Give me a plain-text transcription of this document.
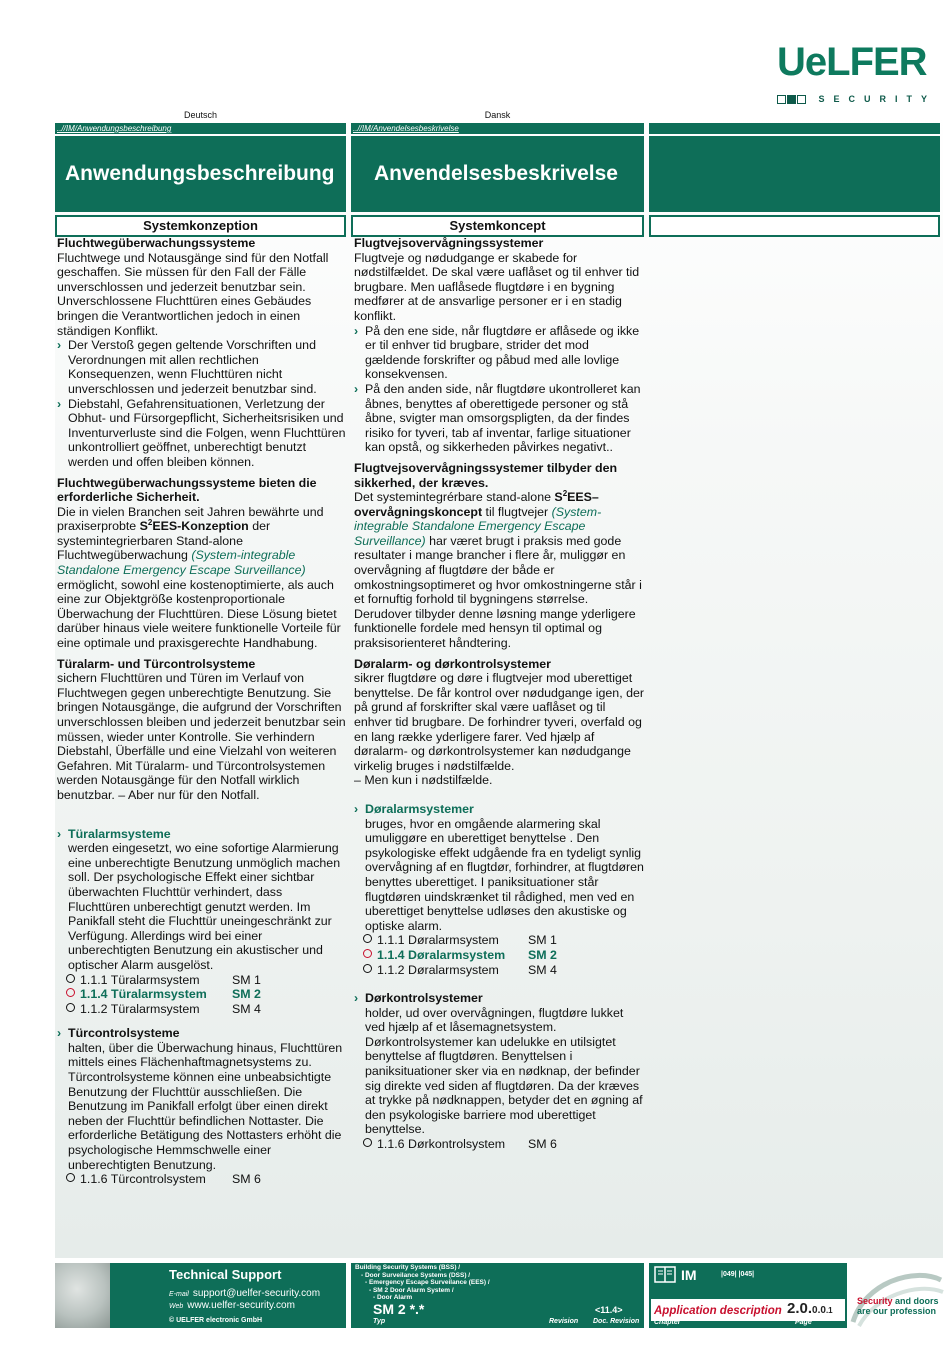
UeLFER
SECURITY
Deutsch	Dansk
..//IM/Anwendungsbeschreibung	..//IM/Anvendelsesbeskrivelse
Anwendungsbeschreibung	Anvendelsesbeskrivelse
Systemkonzeption	Systemkoncept

Fluchtwegüberwachungssysteme

Fluchtwege und Notausgänge sind für den Notfall geschaffen. Sie müssen für den Fall der Fälle unverschlossen und jederzeit benutzbar sein. Unverschlossene Fluchttüren eines Gebäudes bringen die Verantwortlichen jedoch in einen ständigen Konflikt.

› Der Verstoß gegen geltende Vorschriften und Verordnungen mit allen rechtlichen Konsequenzen, wenn Fluchttüren nicht unverschlossen und jederzeit benutzbar sind.

› Diebstahl, Gefahrensituationen, Verletzung der Obhut- und Fürsorgepflicht, Sicherheitsrisiken und Inventurverluste sind die Folgen, wenn Fluchttüren unkontrolliert geöffnet, unberechtigt benutzt werden und offen bleiben können.

Fluchtwegüberwachungssysteme bieten die erforderliche Sicherheit.

Die in vielen Branchen seit Jahren bewährte und praxiserprobte $S^2EES$-Konzeption der systemintegrierbaren Stand-alone Fluchtwegüberwachung (System-integrable Standalone Emergency Escape Surveillance) ermöglicht, sowohl eine kostenoptimierte, als auch eine zur Objektgröße kostenproportionale Überwachung der Fluchttüren. Diese Lösung bietet darüber hinaus viele weitere funktionelle Vorteile für eine optimale und praxisgerechte Handhabung.

Türalarm- und Türcontrolsysteme

sichern Fluchttüren und Türen im Verlauf von Fluchtwegen gegen unberechtigte Benutzung. Sie bringen Notausgänge, die aufgrund der Vorschriften unverschlossen bleiben und jederzeit benutzbar sein müssen, wieder unter Kontrolle. Sie verhindern Diebstahl, Überfälle und eine Vielzahl von weiteren Gefahren. Mit Türalarm- und Türcontrolsystemen werden Notausgänge für den Notfall wirklich benutzbar. – Aber nur für den Notfall.

› Türalarmsysteme

werden eingesetzt, wo eine sofortige Alarmierung eine unberechtigte Benutzung unmöglich machen soll. Der psychologische Effekt einer sichtbar überwachten Fluchttür verhindert, dass Fluchttüren unberechtigt genutzt werden. Im Panikfall steht die Fluchttür uneingeschränkt zur Verfügung. Allerdings wird bei einer unberechtigten Benutzung ein akustischer und optischer Alarm ausgelöst.

1.1.1 Türalarmsystem	SM 1

1.1.4 Türalarmsystem SM 2

1.1.2 Türalarmsystem	SM 4

› Türcontrolsysteme

halten, über die Überwachung hinaus, Fluchttüren mittels eines Flächenhaftmagnetsystems zu. Türcontrolsysteme können eine unbeabsichtigte Benutzung der Fluchttür ausschließen. Die Benutzung im Panikfall erfolgt über einen direkt neben der Fluchttür befindlichen Nottaster. Die erforderliche Betätigung des Nottasters erhöht die psychologische Hemmschwelle einer unberechtigten Benutzung.

1.1.6 Türcontrolsystem SM 6

Flugtvejsovervågningssystemer

Flugtveje og nødudgange er skabede for nødstilfældet. De skal være uaflåset og til enhver tid brugbare. Men uaflåsede flugtdøre i en bygning medfører at de ansvarlige personer er i en stadig konflikt.

› På den ene side, når flugtdøre er aflåsede og ikke er til enhver tid brugbare, strider det mod gældende forskrifter og påbud med alle lovlige konsekvensen.

› På den anden side, når flugtdøre ukontrolleret kan åbnes, benyttes af oberettigede personer og stå åbne, svigter man omsorgspligten, da der findes risiko for tyveri, tab af inventar, farlige situationer kan opstå, og sikkerheden påvirkes negativt..

Flugtvejsovervågningssystemer tilbyder den sikkerhed, der kræves.

Det systemintegrérbare stand-alone $S^2EES$–overvågningskoncept til flugtvejer (System-integrable Standalone Emergency Escape Surveillance) har været brugt i praksis med gode resultater i mange brancher i flere år, muliggør en overvågning af flugtdøre der både er omkostningsoptimeret og hvor omkostningerne står i et fornuftig forhold til bygningens størrelse. Derudover tilbyder denne løsning mange yderligere funktionelle fordele med hensyn til optimal og praksisorienteret håndtering.

Døralarm- og dørkontrolsystemer

sikrer flugtdøre og døre i flugtvejer mod uberettiget benyttelse. De får kontrol over nødudgange igen, der på grund af forskrifter skal være uaflåset og til enhver tid brugbare. De forhindrer tyveri, overfald og en lang række yderligere farer. Ved hjælp af døralarm- og dørkontrolsystemer kan nødudgange virkelig bruges i nødstilfælde.

– Men kun i nødstilfælde.

› Døralarmsystemer

bruges, hvor en omgående alarmering skal umuliggøre en uberettiget benyttelse . Den psykologiske effekt udgående fra en tydeligt synlig overvågning af en flugtdør, forhindrer, at flugtdøren benyttes uberettiget. I paniksituationer står flugtdøren uindskrænket til rådighed, men ved en uberettiget benyttelse udløses den akustiske og optiske alarm.

1.1.1 Døralarmsystem SM 1

1.1.4 Døralarmsystem SM 2

1.1.2 Døralarmsystem SM 4

› Dørkontrolsystemer

holder, ud over overvågningen, flugtdøre lukket ved hjælp af et låsemagnetsystem. Dørkontrolsystemer kan udelukke en utilsigtet benyttelse af flugtdøren. Benyttelsen i paniksituationer sker via en nødknap, der befinder sig direkte ved siden af flugtdøren. Da der kræves at trykke på nødknappen, betyder det en øgning af den psykologiske barriere mod uberettiget benyttelse.

1.1.6 Dørkontrolsystem SM 6

Technical Support
E-mail support@uelfer-security.com
Web www.uelfer-security.com
© UELFER electronic GmbH
Building Security Systems (BSS) /
- Door Surveilance Systems (DSS) /
- Emergency Escape Surveilance (EES) /
- SM 2 Door Alarm System /
- Door Alarm
SM 2 *.*	<11.4>
Typ	Revision Doc. Revision
IM	|049| |045|
Application description 2.0.0.0.1
Chapter	Page
Security and doors
are our profession
